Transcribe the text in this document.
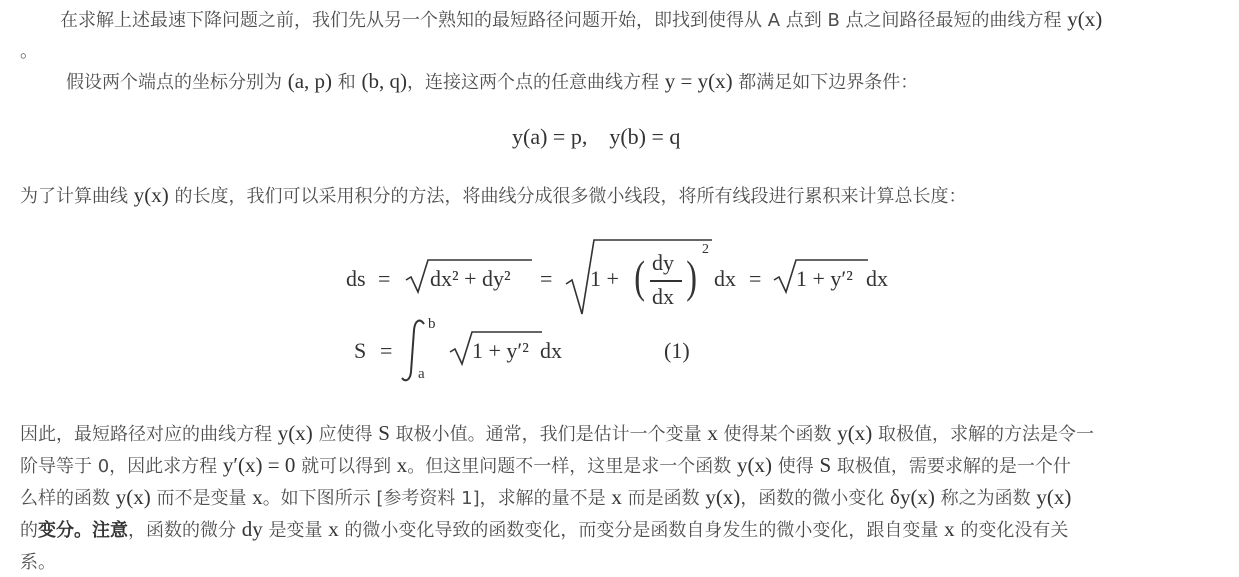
在求解上述最速下降问题之前，我们先从另一个熟知的最短路径问题开始，即找到使得从 A 点到 B 点之间路径最短的曲线方程 y(x)
。
假设两个端点的坐标分别为 (a, p) 和 (b, q)，连接这两个点的任意曲线方程 y = y(x) 都满足如下边界条件：
y(a) = p,    y(b) = q
为了计算曲线 y(x) 的长度，我们可以采用积分的方法，将曲线分成很多微小线段，将所有线段进行累积来计算总长度：
ds = dx² + dy² = 1 + ( dy
dx )
2
dx = 1 + y′² dx
S =
b
a
1 + y′² dx	(1)
因此，最短路径对应的曲线方程 y(x) 应使得 S 取极小值。通常，我们是估计一个变量 x 使得某个函数 y(x) 取极值，求解的方法是令一
阶导等于 0，因此求方程 y′(x) = 0 就可以得到 x。但这里问题不一样，这里是求一个函数 y(x) 使得 S 取极值，需要求解的是一个什
么样的函数 y(x) 而不是变量 x。如下图所示 [参考资料 1]，求解的量不是 x 而是函数 y(x)，函数的微小变化 δy(x) 称之为函数 y(x)
的变分。注意，函数的微分 dy 是变量 x 的微小变化导致的函数变化，而变分是函数自身发生的微小变化，跟自变量 x 的变化没有关
系。
